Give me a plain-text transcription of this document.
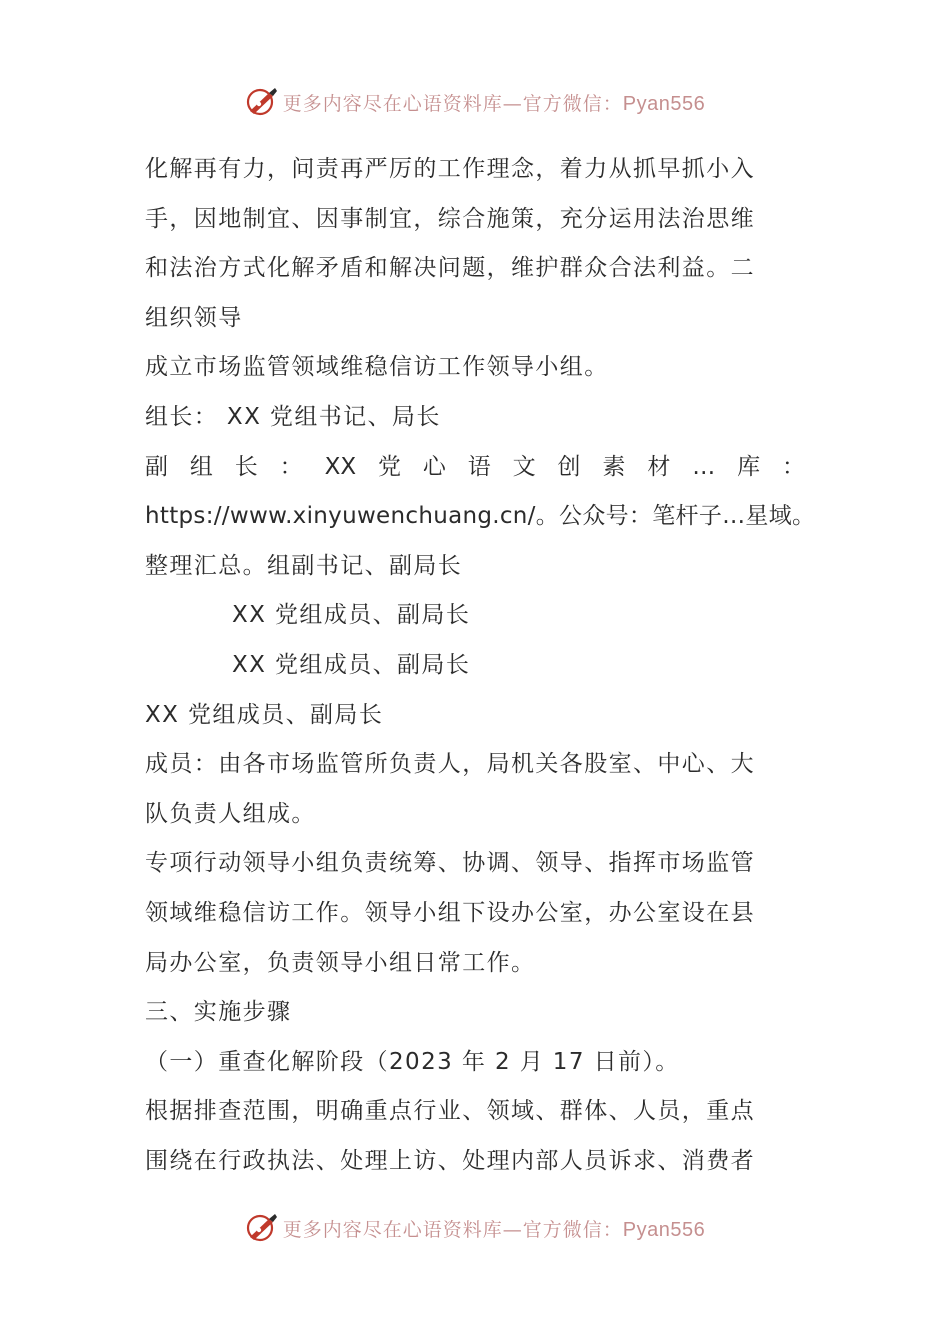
更多内容尽在心语资料库—官方微信：Pyan556
化解再有力，问责再严厉的工作理念，着力从抓早抓小入
手，因地制宜、因事制宜，综合施策，充分运用法治思维
和法治方式化解矛盾和解决问题，维护群众合法利益。二
组织领导
成立市场监管领域维稳信访工作领导小组。
组长： XX 党组书记、局长
副 组 长 ： XX 党 心 语 文 创 素 材 … 库 ：
https://www.xinyuwenchuang.cn/。公众号：笔杆子…星域。
整理汇总。组副书记、副局长
XX 党组成员、副局长
XX 党组成员、副局长
XX 党组成员、副局长
成员：由各市场监管所负责人，局机关各股室、中心、大
队负责人组成。
专项行动领导小组负责统筹、协调、领导、指挥市场监管
领域维稳信访工作。领导小组下设办公室，办公室设在县
局办公室，负责领导小组日常工作。
三、实施步骤
（一）重查化解阶段（2023 年 2 月 17 日前）。
根据排查范围，明确重点行业、领域、群体、人员，重点
围绕在行政执法、处理上访、处理内部人员诉求、消费者
更多内容尽在心语资料库—官方微信：Pyan556
